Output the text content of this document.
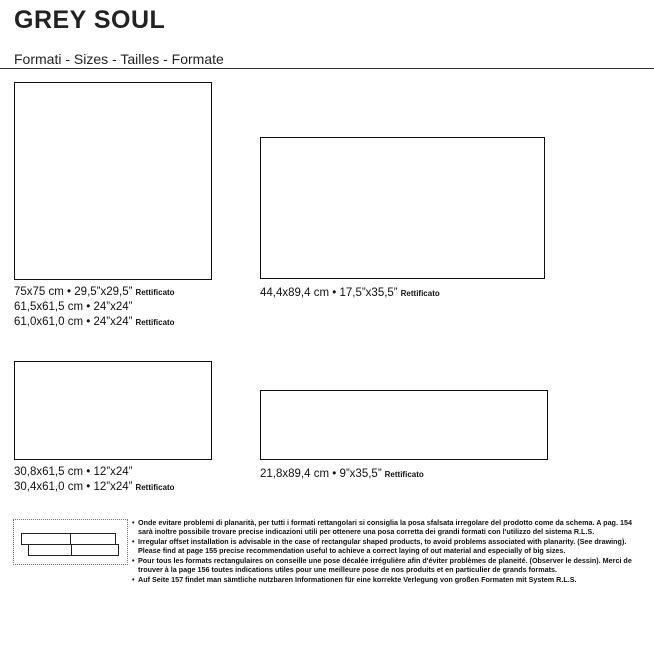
GREY SOUL
Formati - Sizes - Tailles - Formate
75x75 cm • 29,5”x29,5” Rettificato
61,5x61,5 cm • 24”x24”
61,0x61,0 cm • 24”x24” Rettificato
44,4x89,4 cm • 17,5”x35,5” Rettificato
30,8x61,5 cm • 12”x24”
30,4x61,0 cm • 12”x24” Rettificato
21,8x89,4 cm • 9”x35,5” Rettificato
• Onde evitare problemi di planarità, per tutti i formati rettangolari si consiglia la posa sfalsata irregolare del prodotto come da schema. A pag. 154 sarà inoltre possibile trovare precise indicazioni utili per ottenere una posa corretta dei grandi formati con l'utilizzo del sistema R.L.S.
• Irregular offset installation is advisable in the case of rectangular shaped products, to avoid problems associated with planarity. (See drawing). Please find at page 155 precise recommendation useful to achieve a correct laying of out material and especially of big sizes.
• Pour tous les formats rectangulaires on conseille une pose décalée irrégulière afin d'éviter problèmes de planeité. (Observer le dessin). Merci de trouver à la page 156 toutes indications utiles pour une meilleure pose de nos produits et en particulier de grands formats.
• Auf Seite 157 findet man sämtliche nutzbaren Informationen für eine korrekte Verlegung von großen Formaten mit System R.L.S.
